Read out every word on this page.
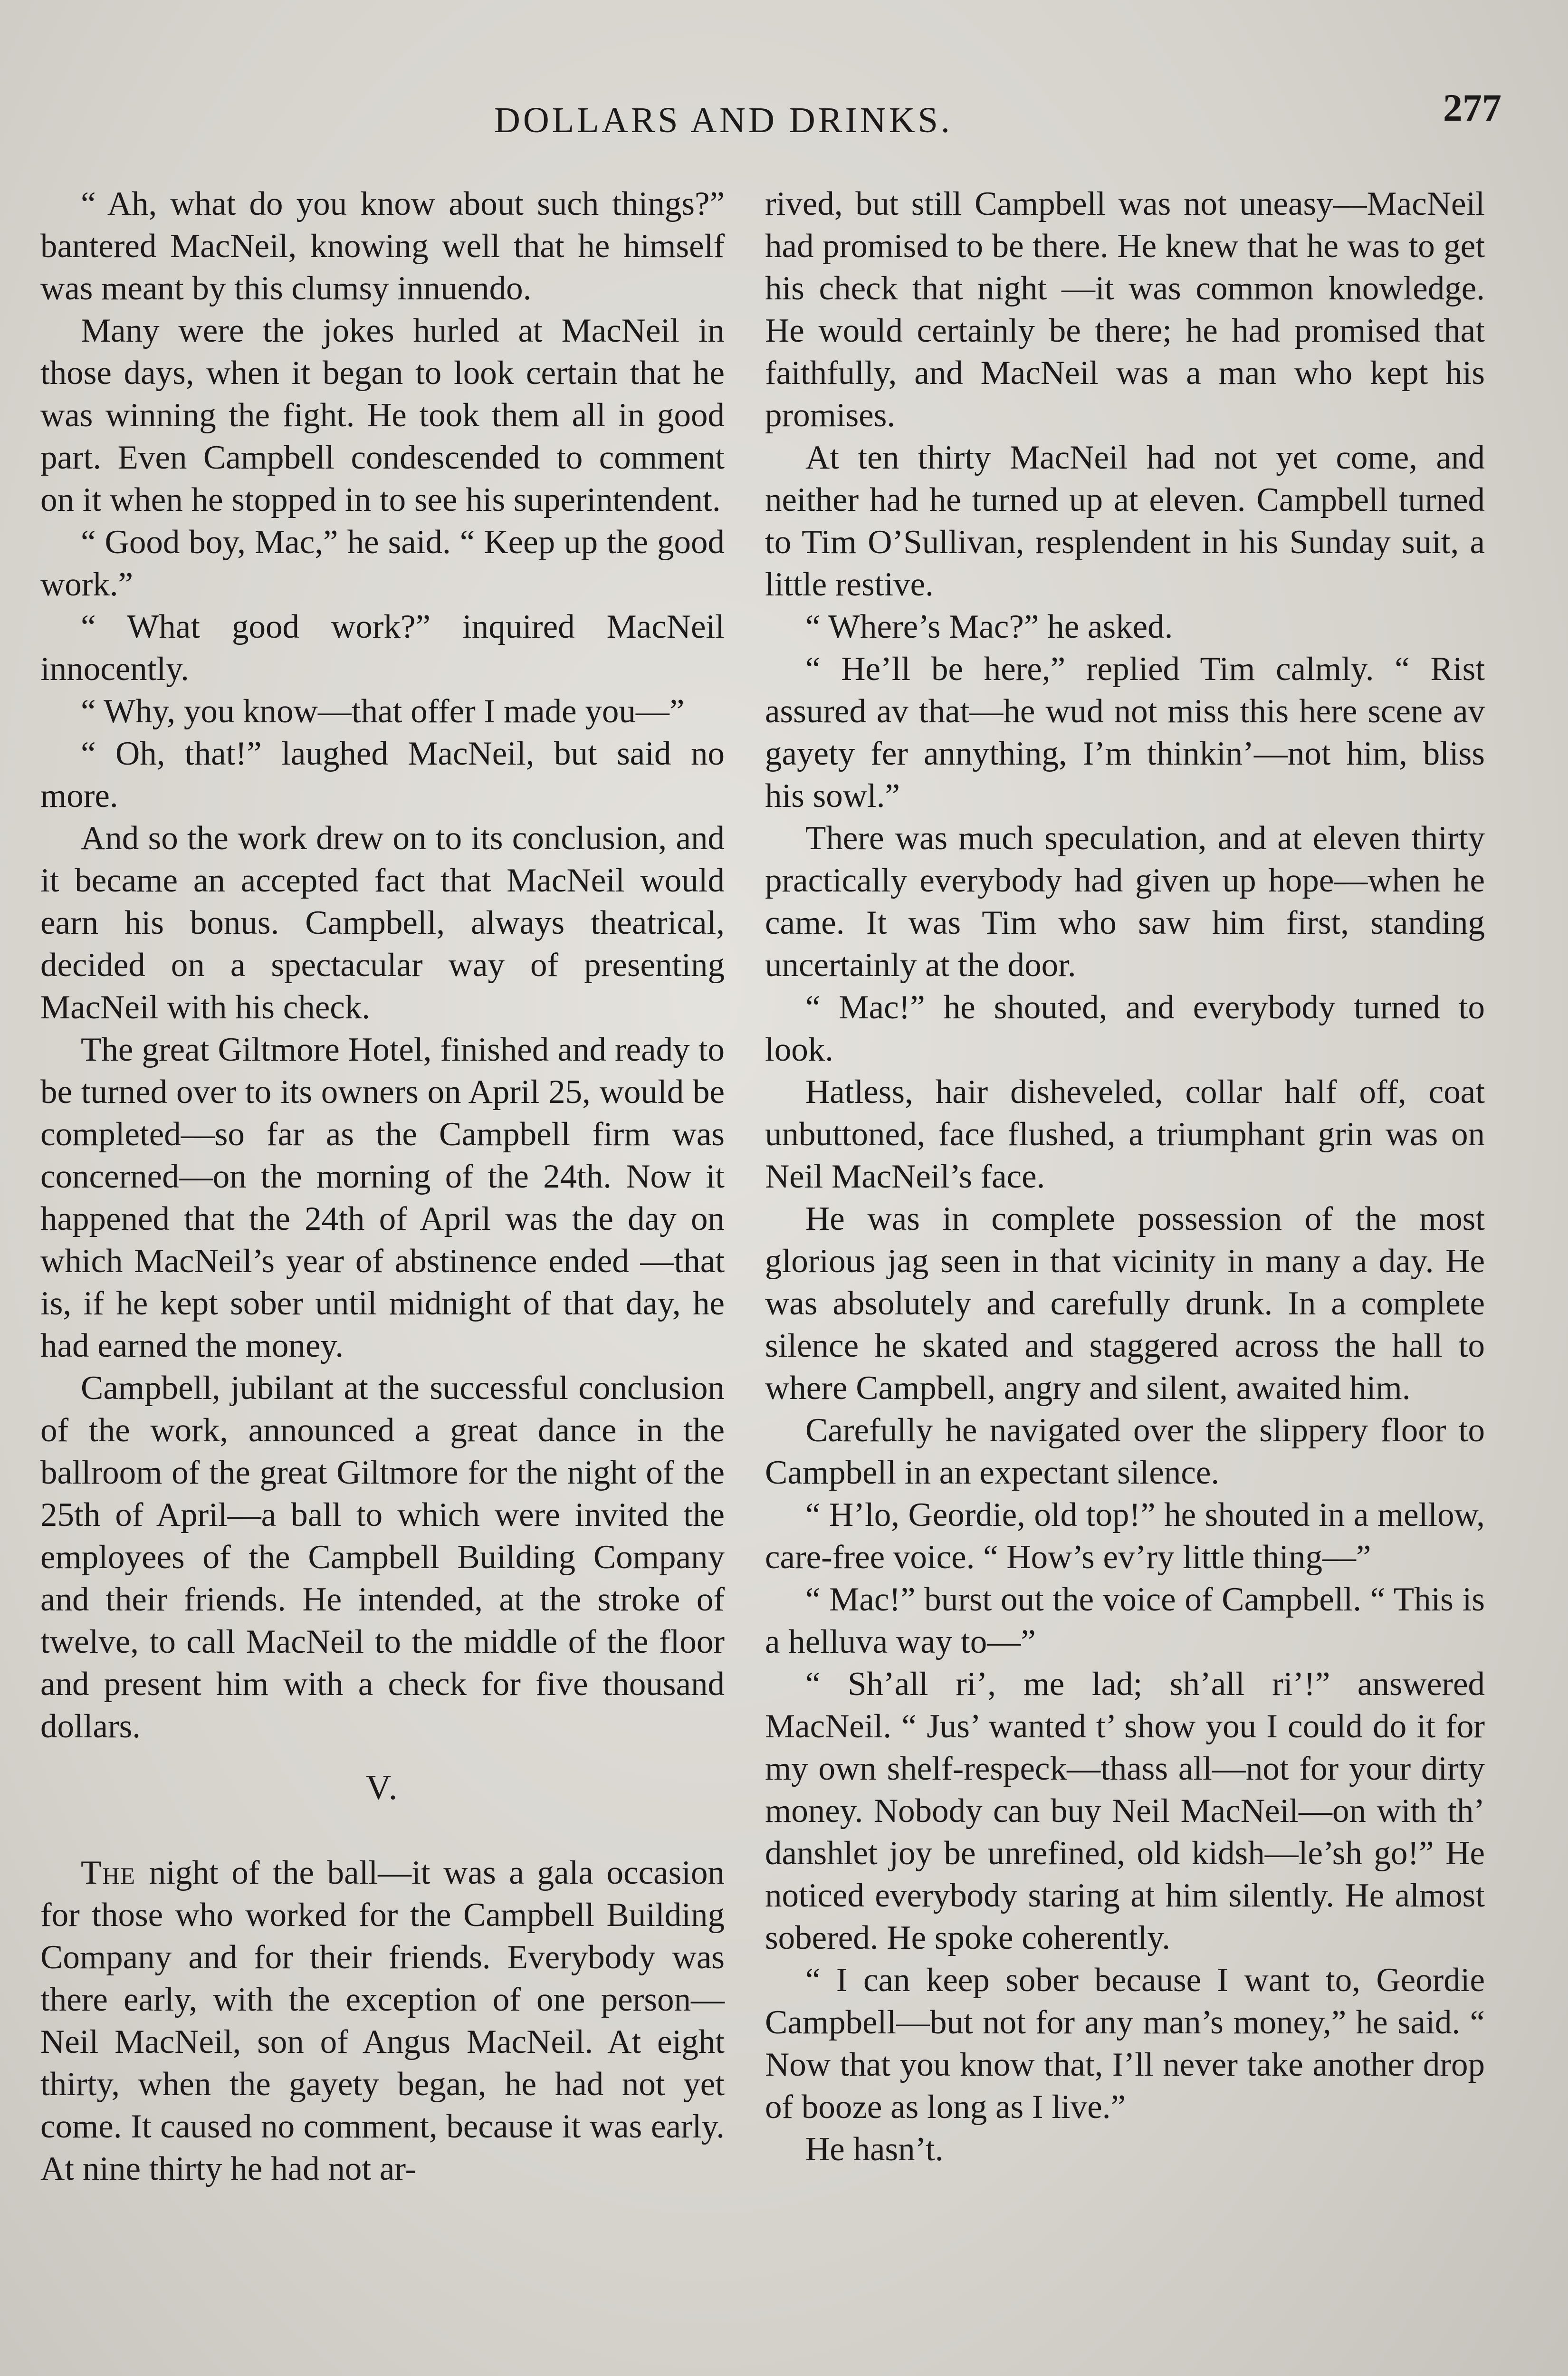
DOLLARS AND DRINKS.	277

“ Ah, what do you know about such things?” bantered MacNeil, knowing well that he himself was meant by this clumsy innuendo.

Many were the jokes hurled at MacNeil in those days, when it began to look certain that he was winning the fight. He took them all in good part. Even Campbell condescended to comment on it when he stopped in to see his superintendent.

“ Good boy, Mac,” he said. “ Keep up the good work.”

“ What good work?” inquired MacNeil innocently.

“ Why, you know—that offer I made you—”

“ Oh, that!” laughed MacNeil, but said no more.

And so the work drew on to its conclusion, and it became an accepted fact that MacNeil would earn his bonus. Campbell, always theatrical, decided on a spectacular way of presenting MacNeil with his check.

The great Giltmore Hotel, finished and ready to be turned over to its owners on April 25, would be completed—so far as the Campbell firm was concerned—on the morning of the 24th. Now it happened that the 24th of April was the day on which MacNeil’s year of abstinence ended —that is, if he kept sober until midnight of that day, he had earned the money.

Campbell, jubilant at the successful conclusion of the work, announced a great dance in the ballroom of the great Giltmore for the night of the 25th of April—a ball to which were invited the employees of the Campbell Building Company and their friends. He intended, at the stroke of twelve, to call MacNeil to the middle of the floor and present him with a check for five thousand dollars.

V.

The night of the ball—it was a gala occasion for those who worked for the Campbell Building Company and for their friends. Everybody was there early, with the exception of one person—Neil MacNeil, son of Angus MacNeil. At eight thirty, when the gayety began, he had not yet come. It caused no comment, because it was early. At nine thirty he had not ar-

rived, but still Campbell was not uneasy—MacNeil had promised to be there. He knew that he was to get his check that night —it was common knowledge. He would certainly be there; he had promised that faithfully, and MacNeil was a man who kept his promises.

At ten thirty MacNeil had not yet come, and neither had he turned up at eleven. Campbell turned to Tim O’Sullivan, resplendent in his Sunday suit, a little restive.

“ Where’s Mac?” he asked.

“ He’ll be here,” replied Tim calmly. “ Rist assured av that—he wud not miss this here scene av gayety fer annything, I’m thinkin’—not him, bliss his sowl.”

There was much speculation, and at eleven thirty practically everybody had given up hope—when he came. It was Tim who saw him first, standing uncertainly at the door.

“ Mac!” he shouted, and everybody turned to look.

Hatless, hair disheveled, collar half off, coat unbuttoned, face flushed, a triumphant grin was on Neil MacNeil’s face.

He was in complete possession of the most glorious jag seen in that vicinity in many a day. He was absolutely and carefully drunk. In a complete silence he skated and staggered across the hall to where Campbell, angry and silent, awaited him.

Carefully he navigated over the slippery floor to Campbell in an expectant silence.

“ H’lo, Geordie, old top!” he shouted in a mellow, care-free voice. “ How’s ev’ry little thing—”

“ Mac!” burst out the voice of Campbell. “ This is a helluva way to—”

“ Sh’all ri’, me lad; sh’all ri’!” answered MacNeil. “ Jus’ wanted t’ show you I could do it for my own shelf-respeck—thass all—not for your dirty money. Nobody can buy Neil MacNeil—on with th’ danshlet joy be unrefined, old kidsh—le’sh go!” He noticed everybody staring at him silently. He almost sobered. He spoke coherently.

“ I can keep sober because I want to, Geordie Campbell—but not for any man’s money,” he said. “ Now that you know that, I’ll never take another drop of booze as long as I live.”

He hasn’t.
